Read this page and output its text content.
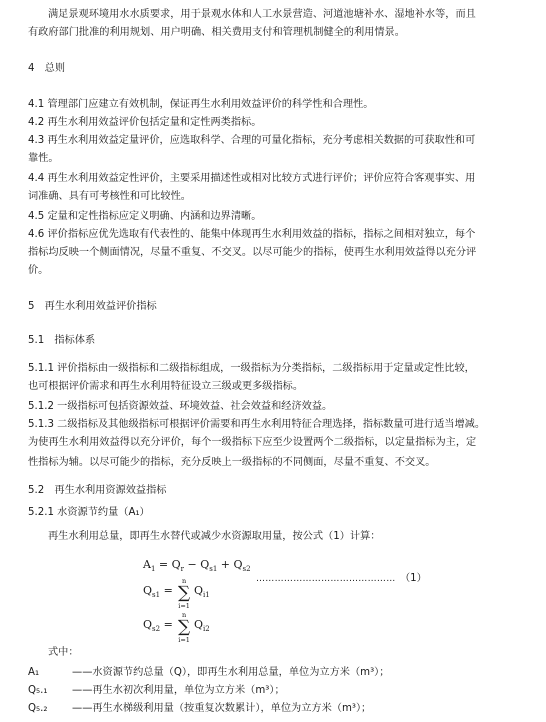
满足景观环境用水水质要求，用于景观水体和人工水景营造、河道池塘补水、湿地补水等，而且
有政府部门批准的利用规划、用户明确、相关费用支付和管理机制健全的利用情景。
4　总则
4.1 管理部门应建立有效机制，保证再生水利用效益评价的科学性和合理性。
4.2 再生水利用效益评价包括定量和定性两类指标。
4.3 再生水利用效益定量评价，应选取科学、合理的可量化指标，充分考虑相关数据的可获取性和可
靠性。
4.4 再生水利用效益定性评价，主要采用描述性或相对比较方式进行评价；评价应符合客观事实、用
词准确、具有可考核性和可比较性。
4.5 定量和定性指标应定义明确、内涵和边界清晰。
4.6 评价指标应优先选取有代表性的、能集中体现再生水利用效益的指标，指标之间相对独立，每个
指标均反映一个侧面情况，尽量不重复、不交叉。以尽可能少的指标，使再生水利用效益得以充分评
价。
5　再生水利用效益评价指标
5.1　指标体系
5.1.1 评价指标由一级指标和二级指标组成，一级指标为分类指标，二级指标用于定量或定性比较，
也可根据评价需求和再生水利用特征设立三级或更多级指标。
5.1.2 一级指标可包括资源效益、环境效益、社会效益和经济效益。
5.1.3 二级指标及其他级指标可根据评价需要和再生水利用特征合理选择，指标数量可进行适当增减。
为使再生水利用效益得以充分评价，每个一级指标下应至少设置两个二级指标，以定量指标为主，定
性指标为辅。以尽可能少的指标，充分反映上一级指标的不同侧面，尽量不重复、不交叉。
5.2　再生水利用资源效益指标
5.2.1 水资源节约量（A₁）
再生水利用总量，即再生水替代或减少水资源取用量，按公式（1）计算：
$A_1 = Q_r - Q_{s1} + Q_{s2}$
$Q_{s1}$ =
n
∑
i=1
$Q_{i1}$
$Q_{s2}$ =
n
∑
i=1
$Q_{i2}$
……………………………………… （1）
式中：
A₁	——水资源节约总量（Q），即再生水利用总量，单位为立方米（m³）；
Q₅.₁ ——再生水初次利用量，单位为立方米（m³）；
Q₅.₂ ——再生水梯级利用量（按重复次数累计），单位为立方米（m³）；
